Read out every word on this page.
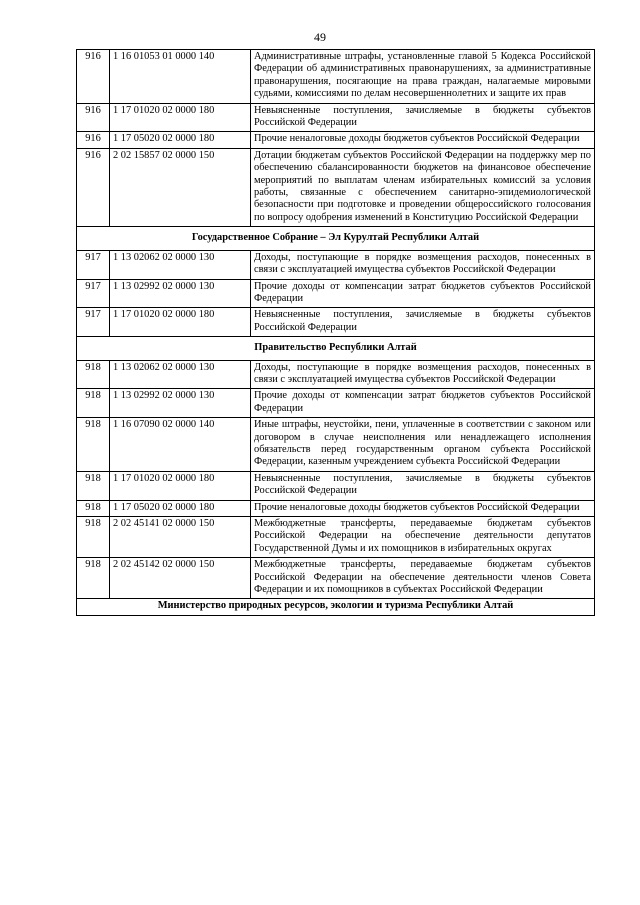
49
916	1 16 01053 01 0000 140	Административные штрафы, установленные главой 5 Кодекса Российской Федерации об административных правонарушениях, за административные правонарушения, посягающие на права граждан, налагаемые мировыми судьями, комиссиями по делам несовершеннолетних и защите их прав
916	1 17 01020 02 0000 180	Невыясненные поступления, зачисляемые в бюджеты субъектов Российской Федерации
916	1 17 05020 02 0000 180	Прочие неналоговые доходы бюджетов субъектов Российской Федерации
916	2 02 15857 02 0000 150	Дотации бюджетам субъектов Российской Федерации на поддержку мер по обеспечению сбалансированности бюджетов на финансовое обеспечение мероприятий по выплатам членам избирательных комиссий за условия работы, связанные с обеспечением санитарно-эпидемиологической безопасности при подготовке и проведении общероссийского голосования по вопросу одобрения изменений в Конституцию Российской Федерации
Государственное Собрание – Эл Курултай Республики Алтай		
917	1 13 02062 02 0000 130	Доходы, поступающие в порядке возмещения расходов, понесенных в связи с эксплуатацией имущества субъектов Российской Федерации
917	1 13 02992 02 0000 130	Прочие доходы от компенсации затрат бюджетов субъектов Российской Федерации
917	1 17 01020 02 0000 180	Невыясненные поступления, зачисляемые в бюджеты субъектов Российской Федерации
Правительство Республики Алтай		
918	1 13 02062 02 0000 130	Доходы, поступающие в порядке возмещения расходов, понесенных в связи с эксплуатацией имущества субъектов Российской Федерации
918	1 13 02992 02 0000 130	Прочие доходы от компенсации затрат бюджетов субъектов Российской Федерации
918	1 16 07090 02 0000 140	Иные штрафы, неустойки, пени, уплаченные в соответствии с законом или договором в случае неисполнения или ненадлежащего исполнения обязательств перед государственным органом субъекта Российской Федерации, казенным учреждением субъекта Российской Федерации
918	1 17 01020 02 0000 180	Невыясненные поступления, зачисляемые в бюджеты субъектов Российской Федерации
918	1 17 05020 02 0000 180	Прочие неналоговые доходы бюджетов субъектов Российской Федерации
918	2 02 45141 02 0000 150	Межбюджетные трансферты, передаваемые бюджетам субъектов Российской Федерации на обеспечение деятельности депутатов Государственной Думы и их помощников в избирательных округах
918	2 02 45142 02 0000 150	Межбюджетные трансферты, передаваемые бюджетам субъектов Российской Федерации на обеспечение деятельности членов Совета Федерации и их помощников в субъектах Российской Федерации
Министерство природных ресурсов, экологии и туризма Республики Алтай		
